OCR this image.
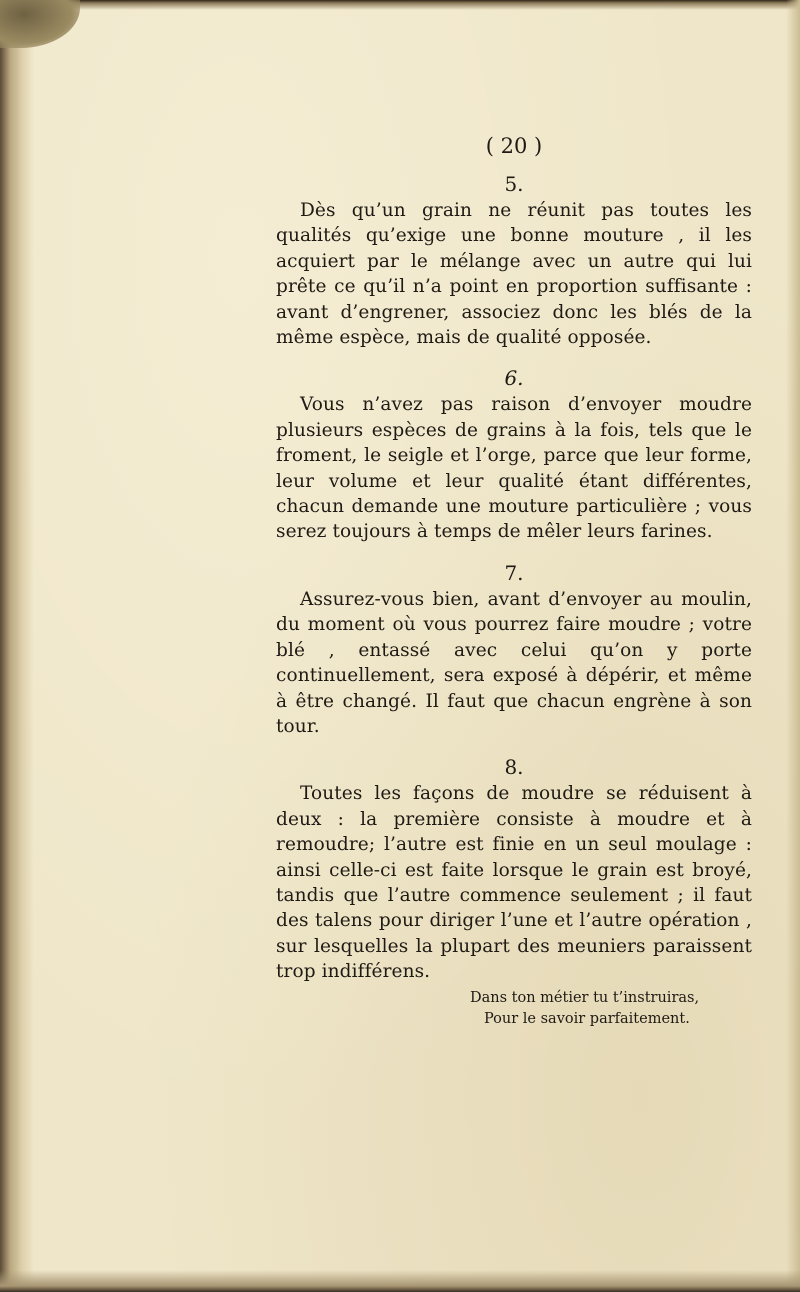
( 20 )
5.

Dès qu’un grain ne réunit pas toutes les qualités qu’exige une bonne mouture , il les acquiert par le mélange avec un autre qui lui prête ce qu’il n’a point en proportion suffisante : avant d’engrener, associez donc les blés de la même espèce, mais de qualité opposée.

6.

Vous n’avez pas raison d’envoyer moudre plusieurs espèces de grains à la fois, tels que le froment, le seigle et l’orge, parce que leur forme, leur volume et leur qualité étant différentes, chacun demande une mouture particulière ; vous serez toujours à temps de mêler leurs farines.

7.

Assurez-vous bien, avant d’envoyer au moulin, du moment où vous pourrez faire moudre ; votre blé , entassé avec celui qu’on y porte continuellement, sera exposé à dépérir, et même à être changé. Il faut que chacun engrène à son tour.

8.

Toutes les façons de moudre se réduisent à deux : la première consiste à moudre et à remoudre; l’autre est finie en un seul moulage : ainsi celle-ci est faite lorsque le grain est broyé, tandis que l’autre commence seulement ; il faut des talens pour diriger l’une et l’autre opération , sur lesquelles la plupart des meuniers paraissent trop indifférens.

Dans ton métier tu t’instruiras,
Pour le savoir parfaitement.
